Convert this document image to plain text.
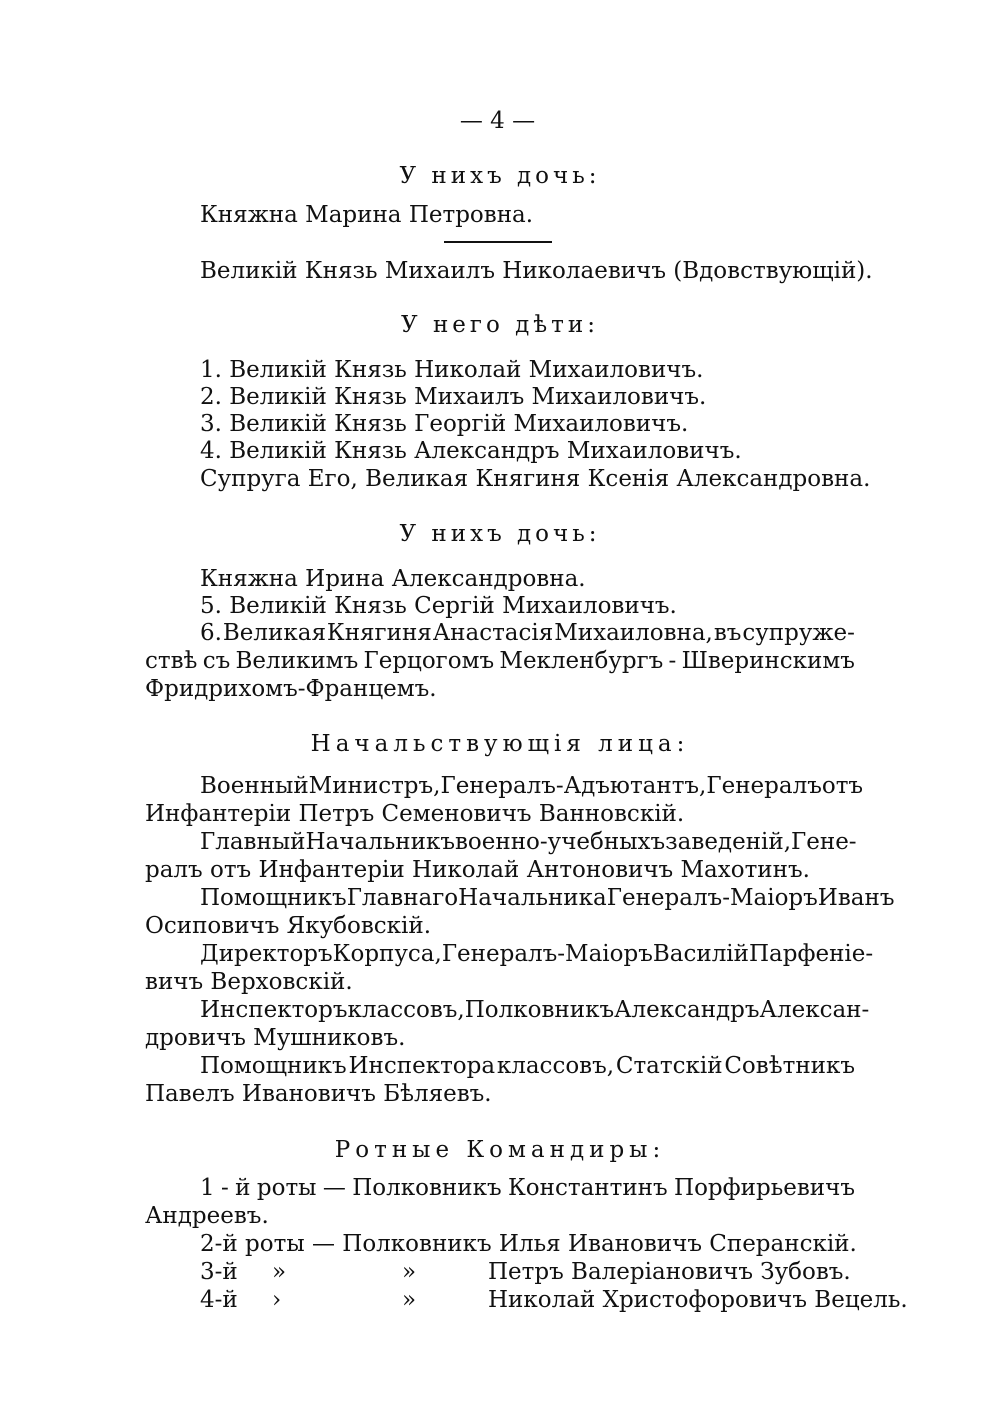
— 4 —
У нихъ дочь:
Княжна Марина Петровна.
Великій Князь Михаилъ Николаевичъ (Вдовствующій).
У него дѣти:
1. Великій Князь Николай Михаиловичъ.
2. Великій Князь Михаилъ Михаиловичъ.
3. Великій Князь Георгій Михаиловичъ.
4. Великій Князь Александръ Михаиловичъ.
Супруга Его, Великая Княгиня Ксенія Александровна.
У нихъ дочь:
Княжна Ирина Александровна.
5. Великій Князь Сергій Михаиловичъ.
6. Великая Княгиня Анастасія Михаиловна, въ супруже-
ствѣ съ Великимъ Герцогомъ Мекленбургъ - Шверинскимъ
Фридрихомъ-Францемъ.
Начальствующія лица:
Военный Министръ, Генералъ-Адъютантъ, Генералъ отъ
Инфантеріи Петръ Семеновичъ Ванновскій.
Главный Начальникъ военно - учебныхъ заведеній, Гене-
ралъ отъ Инфантеріи Николай Антоновичъ Махотинъ.
Помощникъ Главнаго Начальника Генералъ-Маіоръ Иванъ
Осиповичъ Якубовскій.
Директоръ Корпуса, Генералъ-Маіоръ Василій Парфеніе-
вичъ Верховскій.
Инспекторъ классовъ, Полковникъ Александръ Алексан-
дровичъ Мушниковъ.
Помощникъ Инспектора классовъ, Статскій Совѣтникъ
Павелъ Ивановичъ Бѣляевъ.
Ротные Командиры:
1 - й роты — Полковникъ Константинъ Порфирьевичъ
Андреевъ.
2-й роты — Полковникъ Илья Ивановичъ Сперанскій.
3-й »	»	Петръ Валеріановичъ Зубовъ.
4-й ›	»	Николай Христофоровичъ Вецель.
